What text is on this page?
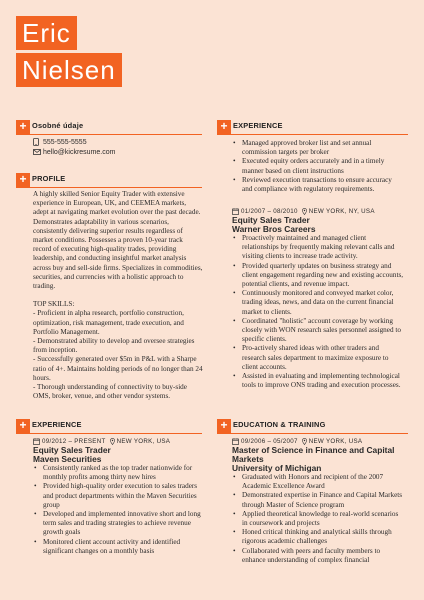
Eric
Nielsen
+ Osobné údaje
555-555-5555
hello@kickresume.com
+ PROFILE

A highly skilled Senior Equity Trader with extensive experience in European, UK, and CEEMEA markets, adept at navigating market evolution over the past decade. Demonstrates adaptability in various scenarios, consistently delivering superior results regardless of market conditions. Possesses a proven 10-year track record of executing high-quality trades, providing leadership, and conducting insightful market analysis across buy and sell-side firms. Specializes in commodities, securities, and currencies with a holistic approach to trading.

TOP SKILLS:

- Proficient in alpha research, portfolio construction, optimization, risk management, trade execution, and Portfolio Management.

- Demonstrated ability to develop and oversee strategies from inception.

- Successfully generated over $5m in P&L with a Sharpe ratio of 4+. Maintains holding periods of no longer than 24 hours.

- Thorough understanding of connectivity to buy-side OMS, broker, venue, and other vendor systems.

+ EXPERIENCE
• Managed approved broker list and set annual commission targets per broker
• Executed equity orders accurately and in a timely manner based on client instructions
• Reviewed execution transactions to ensure accuracy and compliance with regulatory requirements.
01/2007 – 08/2010 NEW YORK, NY, USA
Equity Sales Trader
Warner Bros Careers
• Proactively maintained and managed client relationships by frequently making relevant calls and visiting clients to increase trade activity.
• Provided quarterly updates on business strategy and client engagement regarding new and existing accounts, potential clients, and revenue impact.
• Continuously monitored and conveyed market color, trading ideas, news, and data on the current financial market to clients.
• Coordinated "holistic" account coverage by working closely with WON research sales personnel assigned to specific clients.
• Pro-actively shared ideas with other traders and research sales department to maximize exposure to client accounts.
• Assisted in evaluating and implementing technological tools to improve ONS trading and execution processes.
+ EXPERIENCE
09/2012 – PRESENT NEW YORK, USA
Equity Sales Trader
Maven Securities
• Consistently ranked as the top trader nationwide for monthly profits among thirty new hires
• Provided high-quality order execution to sales traders and product departments within the Maven Securities group
• Developed and implemented innovative short and long term sales and trading strategies to achieve revenue growth goals
• Monitored client account activity and identified significant changes on a monthly basis
+ EDUCATION & TRAINING
09/2006 – 05/2007 NEW YORK, USA
Master of Science in Finance and Capital Markets
University of Michigan
• Graduated with Honors and recipient of the 2007 Academic Excellence Award
• Demonstrated expertise in Finance and Capital Markets through Master of Science program
• Applied theoretical knowledge to real-world scenarios in coursework and projects
• Honed critical thinking and analytical skills through rigorous academic challenges
• Collaborated with peers and faculty members to enhance understanding of complex financial
